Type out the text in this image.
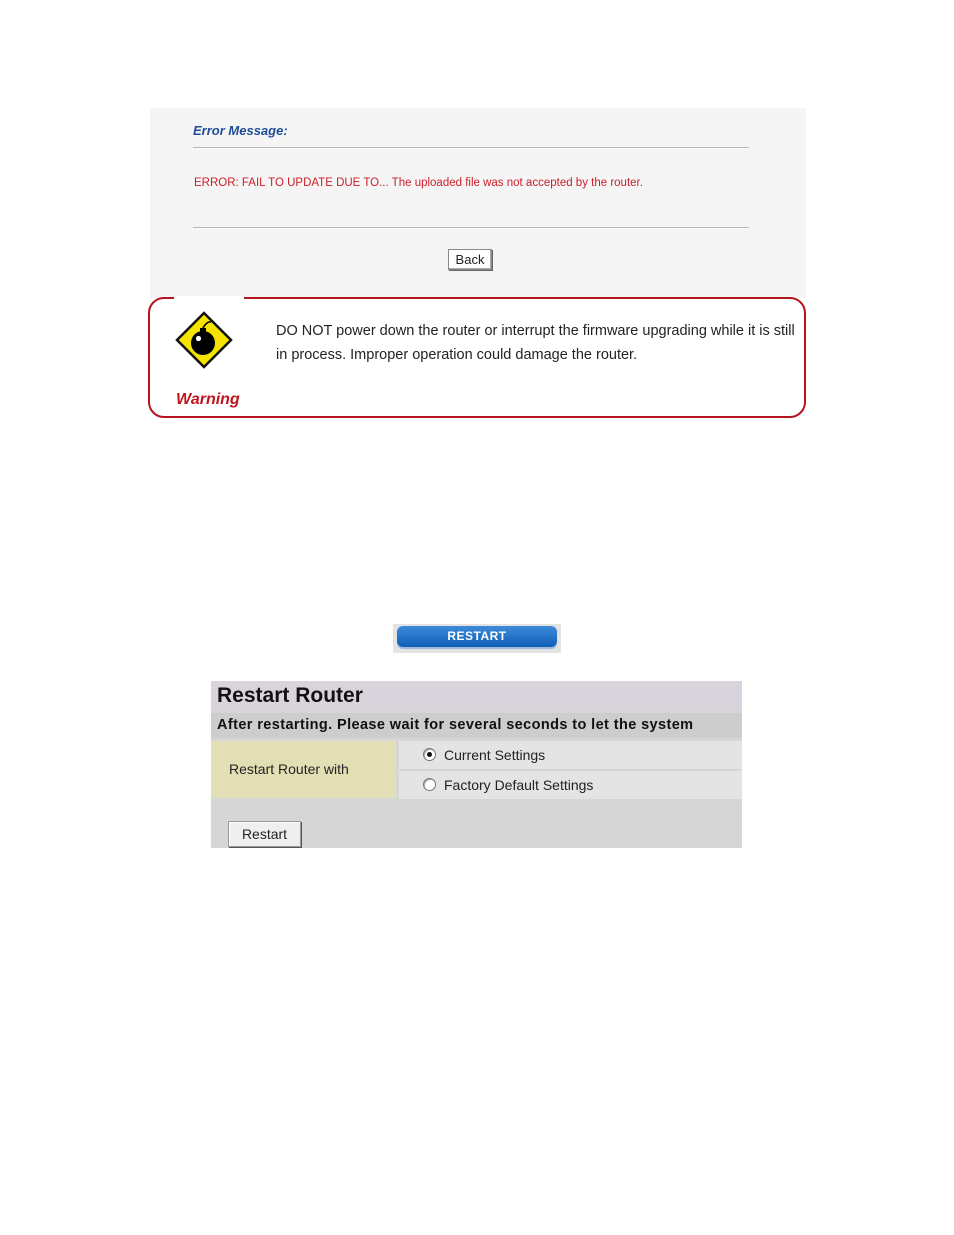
Error Message:
ERROR: FAIL TO UPDATE DUE TO... The uploaded file was not accepted by the router.
Back
Warning
DO NOT power down the router or interrupt the firmware upgrading while it is still in process. Improper operation could damage the router.
RESTART
Restart Router
After restarting. Please wait for several seconds to let the system
Restart Router with
Current Settings
Factory Default Settings
Restart
